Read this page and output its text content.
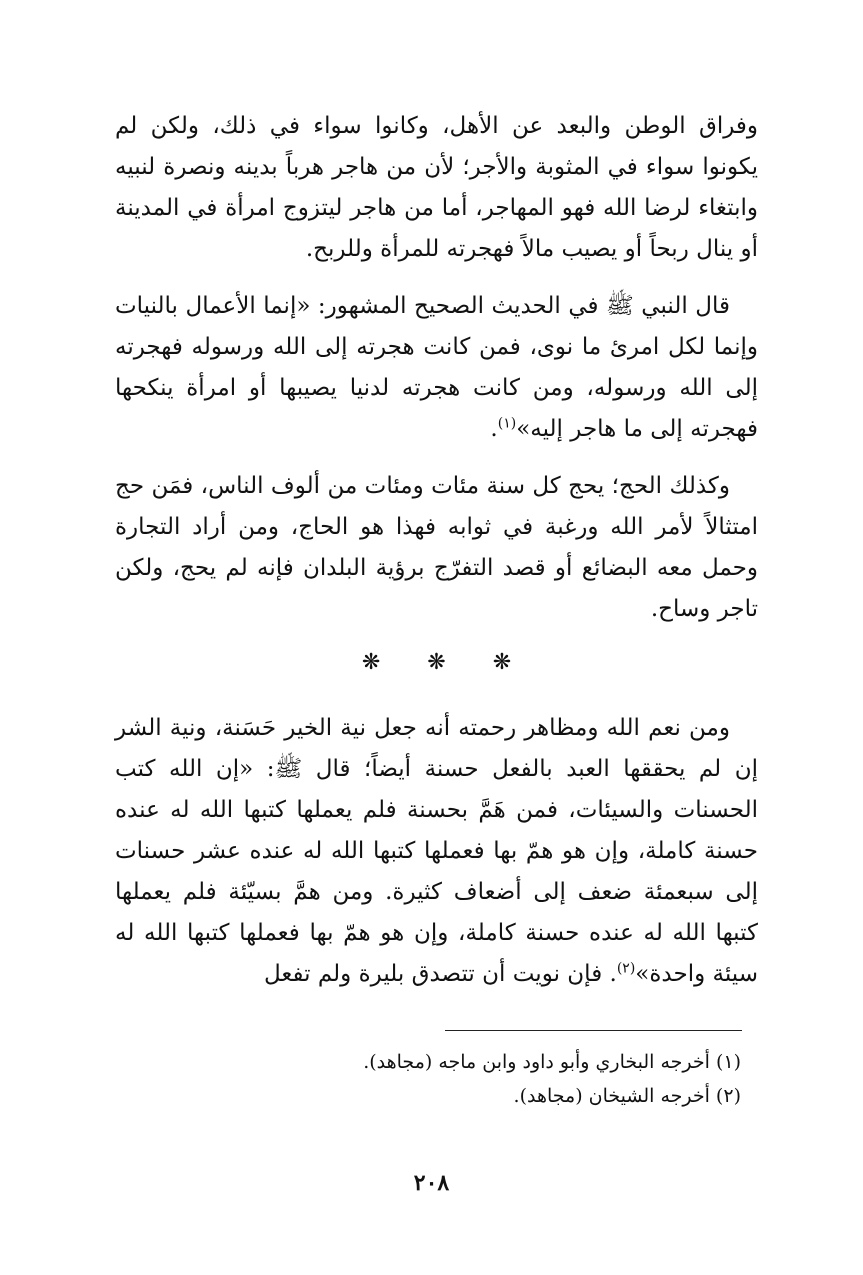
وفراق الوطن والبعد عن الأهل، وكانوا سواء في ذلك، ولكن لم يكونوا سواء في المثوبة والأجر؛ لأن من هاجر هرباً بدينه ونصرة لنبيه وابتغاء لرضا الله فهو المهاجر، أما من هاجر ليتزوج امرأة في المدينة أو ينال ربحاً أو يصيب مالاً فهجرته للمرأة وللربح.

قال النبي ﷺ في الحديث الصحيح المشهور: «إنما الأعمال بالنيات وإنما لكل امرئ ما نوى، فمن كانت هجرته إلى الله ورسوله فهجرته إلى الله ورسوله، ومن كانت هجرته لدنيا يصيبها أو امرأة ينكحها فهجرته إلى ما هاجر إليه»$^{(١)}$.

وكذلك الحج؛ يحج كل سنة مئات ومئات من ألوف الناس، فمَن حج امتثالاً لأمر الله ورغبة في ثوابه فهذا هو الحاج، ومن أراد التجارة وحمل معه البضائع أو قصد التفرّج برؤية البلدان فإنه لم يحج، ولكن تاجر وساح.

❋ ❋ ❋

ومن نعم الله ومظاهر رحمته أنه جعل نية الخير حَسَنة، ونية الشر إن لم يحققها العبد بالفعل حسنة أيضاً؛ قال ﷺ: «إن الله كتب الحسنات والسيئات، فمن هَمَّ بحسنة فلم يعملها كتبها الله له عنده حسنة كاملة، وإن هو همّ بها فعملها كتبها الله له عنده عشر حسنات إلى سبعمئة ضعف إلى أضعاف كثيرة. ومن همَّ بسيّئة فلم يعملها كتبها الله له عنده حسنة كاملة، وإن هو همّ بها فعملها كتبها الله له سيئة واحدة»$^{(٢)}$. فإن نويت أن تتصدق بليرة ولم تفعل

(١) أخرجه البخاري وأبو داود وابن ماجه (مجاهد).

(٢) أخرجه الشيخان (مجاهد).

٢٠٨
